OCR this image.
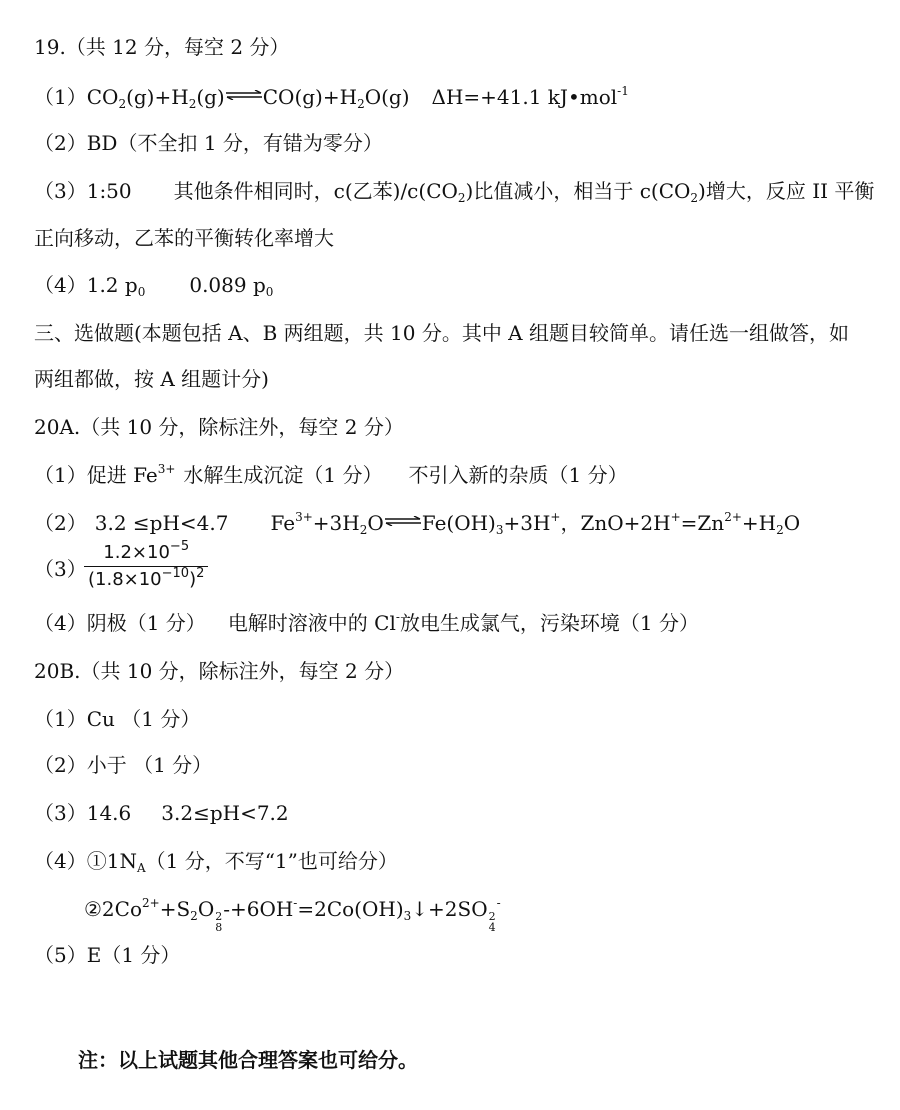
19.（共 12 分，每空 2 分）
$(1)CO_2(g)+H_2(g)\rightleftharpoons CO(g)+H_2O(g)$ ΔH=+41.1 kJ•mol$^{-1}$
（2）BD（不全扣 1 分，有错为零分）
（3）1:50 其他条件相同时，c(乙苯)$/c(CO_2)$比值减小，相当于 $c(CO_2)$增大，反应 II 平衡
正向移动，乙苯的平衡转化率增大
（4）1.2 $p_0$ 0.089 $p_0$
三、选做题(本题包括 A、B 两组题，共 10 分。其中 A 组题目较简单。请任选一组做答，如
两组都做，按 A 组题计分)
20A.（共 10 分，除标注外，每空 2 分）
（1）促进 $Fe^{3+}$ 水解生成沉淀（1 分） 不引入新的杂质（1 分）
（2） 3.2 ≤pH<4.7 $Fe^{3+}+3H_2O\rightleftharpoons Fe(OH)_3+3H^+$，$ZnO+2H^+=Zn^{2+}+H_2O$
（3）
$\frac{1.2\times 10^{-5}}{(1.8\times 10^{-10})^2}$
（4）阴极（1 分） 电解时溶液中的 Cl-放电生成氯气，污染环境（1 分）
20B.（共 10 分，除标注外，每空 2 分）
（1）Cu （1 分）
（2）小于 （1 分）
（3）14.6 3.2≤pH<7.2
$(4)①1N_A(1$ 分，不写“1”也可给分）
$②2Co^{2+}+S_2O$ 2
8
$-+6OH^-=2Co(OH)_3↓+2SO$ 2
4
-
（5）E（1 分）
注：以上试题其他合理答案也可给分。
